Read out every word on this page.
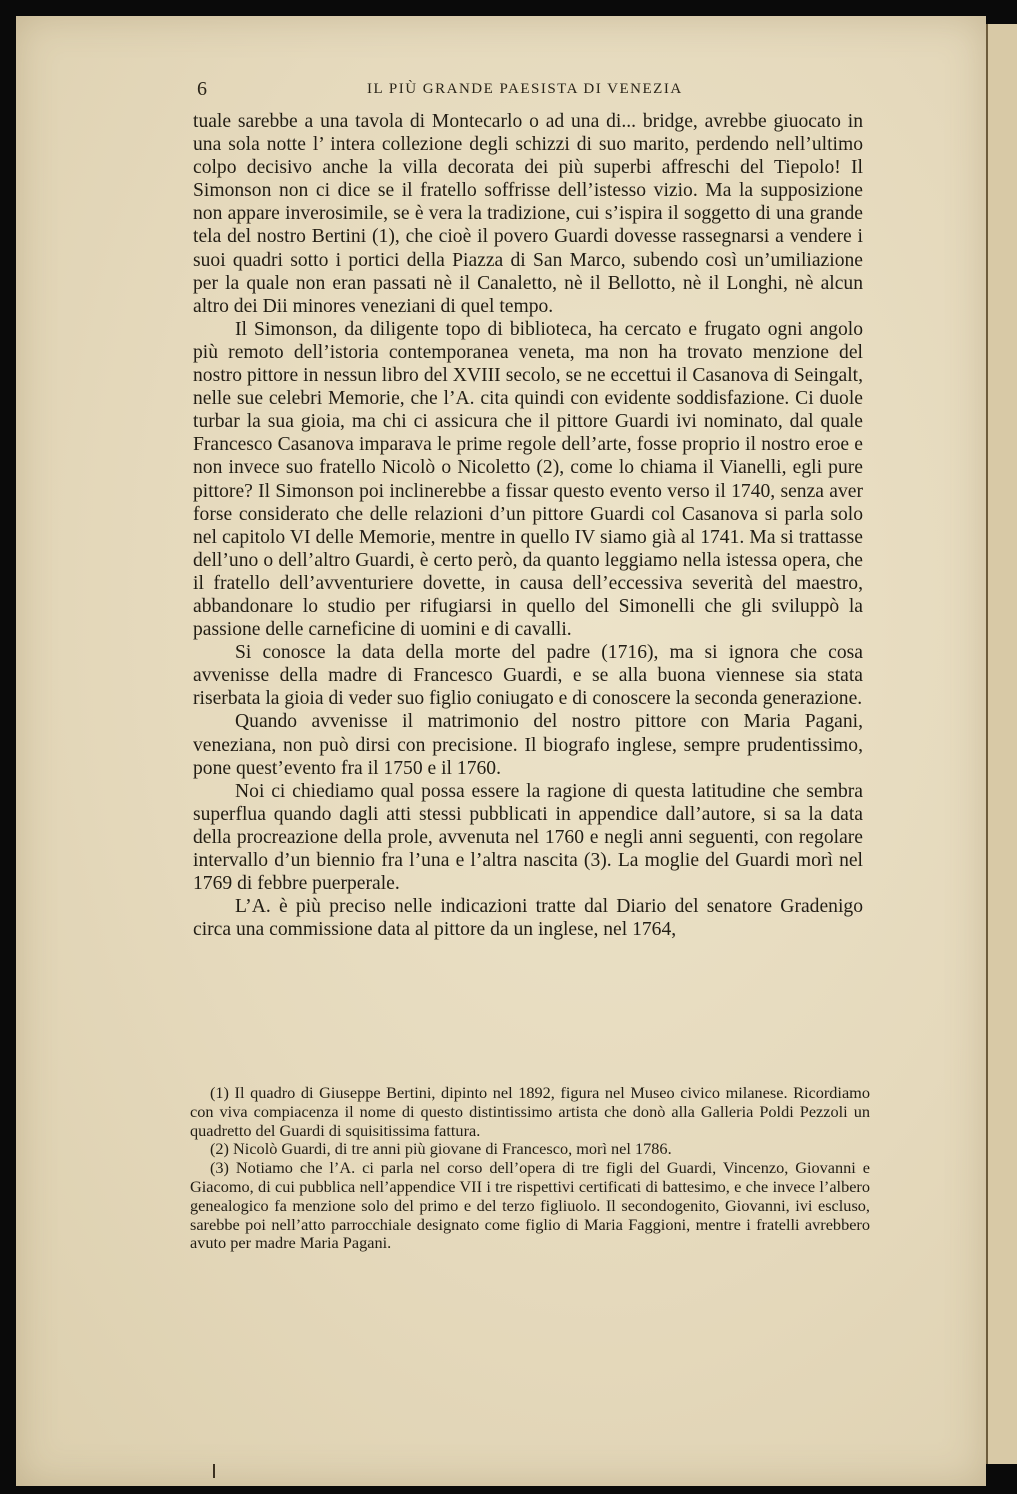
6	IL PIÙ GRANDE PAESISTA DI VENEZIA

tuale sarebbe a una tavola di Montecarlo o ad una di... bridge, avrebbe giuocato in una sola notte l’ intera collezione degli schizzi di suo marito, perdendo nell’ultimo colpo decisivo anche la villa decorata dei più superbi affreschi del Tiepolo! Il Simonson non ci dice se il fratello soffrisse dell’istesso vizio. Ma la supposizione non appare inverosimile, se è vera la tradizione, cui s’ispira il soggetto di una grande tela del nostro Bertini (1), che cioè il povero Guardi dovesse rassegnarsi a vendere i suoi quadri sotto i portici della Piazza di San Marco, subendo così un’umiliazione per la quale non eran passati nè il Canaletto, nè il Bellotto, nè il Longhi, nè alcun altro dei Dii minores veneziani di quel tempo.

Il Simonson, da diligente topo di biblioteca, ha cercato e frugato ogni angolo più remoto dell’istoria contemporanea veneta, ma non ha trovato menzione del nostro pittore in nessun libro del XVIII secolo, se ne eccettui il Casanova di Seingalt, nelle sue celebri Memorie, che l’A. cita quindi con evidente soddisfazione. Ci duole turbar la sua gioia, ma chi ci assicura che il pittore Guardi ivi nominato, dal quale Francesco Casanova imparava le prime regole dell’arte, fosse proprio il nostro eroe e non invece suo fratello Nicolò o Nicoletto (2), come lo chiama il Vianelli, egli pure pittore? Il Simonson poi inclinerebbe a fissar questo evento verso il 1740, senza aver forse considerato che delle relazioni d’un pittore Guardi col Casanova si parla solo nel capitolo VI delle Memorie, mentre in quello IV siamo già al 1741. Ma si trattasse dell’uno o dell’altro Guardi, è certo però, da quanto leggiamo nella istessa opera, che il fratello dell’avventuriere dovette, in causa dell’eccessiva severità del maestro, abbandonare lo studio per rifugiarsi in quello del Simonelli che gli sviluppò la passione delle carneficine di uomini e di cavalli.

Si conosce la data della morte del padre (1716), ma si ignora che cosa avvenisse della madre di Francesco Guardi, e se alla buona viennese sia stata riserbata la gioia di veder suo figlio coniugato e di conoscere la seconda generazione.

Quando avvenisse il matrimonio del nostro pittore con Maria Pagani, veneziana, non può dirsi con precisione. Il biografo inglese, sempre prudentissimo, pone quest’evento fra il 1750 e il 1760.

Noi ci chiediamo qual possa essere la ragione di questa latitudine che sembra superflua quando dagli atti stessi pubblicati in appendice dall’autore, si sa la data della procreazione della prole, avvenuta nel 1760 e negli anni seguenti, con regolare intervallo d’un biennio fra l’una e l’altra nascita (3). La moglie del Guardi morì nel 1769 di febbre puerperale.

L’A. è più preciso nelle indicazioni tratte dal Diario del senatore Gradenigo circa una commissione data al pittore da un inglese, nel 1764,

(1) Il quadro di Giuseppe Bertini, dipinto nel 1892, figura nel Museo civico milanese. Ricordiamo con viva compiacenza il nome di questo distintissimo artista che donò alla Galleria Poldi Pezzoli un quadretto del Guardi di squisitissima fattura.

(2) Nicolò Guardi, di tre anni più giovane di Francesco, morì nel 1786.

(3) Notiamo che l’A. ci parla nel corso dell’opera di tre figli del Guardi, Vincenzo, Giovanni e Giacomo, di cui pubblica nell’appendice VII i tre rispettivi certificati di battesimo, e che invece l’albero genealogico fa menzione solo del primo e del terzo figliuolo. Il secondogenito, Giovanni, ivi escluso, sarebbe poi nell’atto parrocchiale designato come figlio di Maria Faggioni, mentre i fratelli avrebbero avuto per madre Maria Pagani.
